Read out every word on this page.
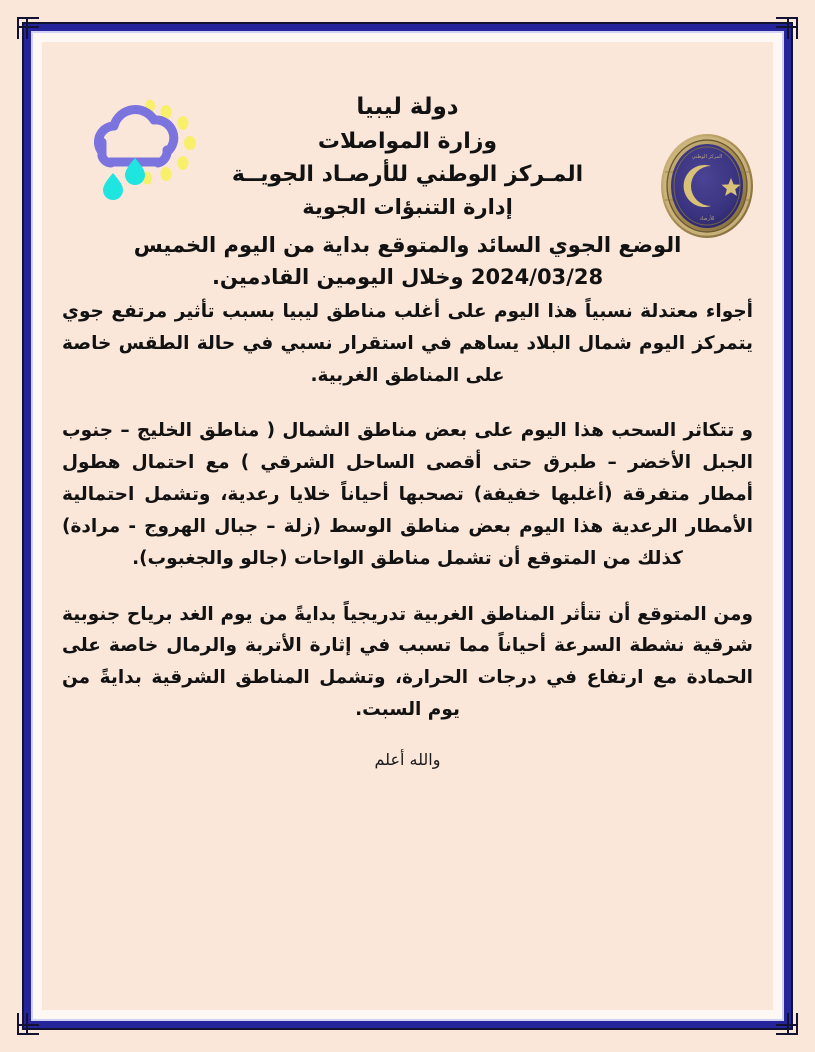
المركز الوطني
للأرصاد
دولة ليبيا
وزارة المواصلات
المـركز الوطني للأرصـاد الجويــة
إدارة التنبؤات الجوية
الوضع الجوي السائد والمتوقع بداية من اليوم الخميس
2024/03/28 وخلال اليومين القادمين.

أجواء معتدلة نسبياً هذا اليوم على أغلب مناطق ليبيا بسبب تأثير مرتفع جوي يتمركز اليوم شمال البلاد يساهم في استقرار نسبي في حالة الطقس خاصة على المناطق الغربية.

و تتكاثر السحب هذا اليوم على بعض مناطق الشمال ( مناطق الخليج – جنوب الجبل الأخضر – طبرق حتى أقصى الساحل الشرقي ) مع احتمال هطول أمطار متفرقة (أغلبها خفيفة) تصحبها أحياناً خلايا رعدية، وتشمل احتمالية الأمطار الرعدية هذا اليوم بعض مناطق الوسط (زلة – جبال الهروج - مرادة) كذلك من المتوقع أن تشمل مناطق الواحات (جالو والجغبوب).

ومن المتوقع أن تتأثر المناطق الغربية تدريجياً بدايةً من يوم الغد برياح جنوبية شرقية نشطة السرعة أحياناً مما تسبب في إثارة الأتربة والرمال خاصة على الحمادة مع ارتفاع في درجات الحرارة، وتشمل المناطق الشرقية بدايةً من يوم السبت.

والله أعلم
